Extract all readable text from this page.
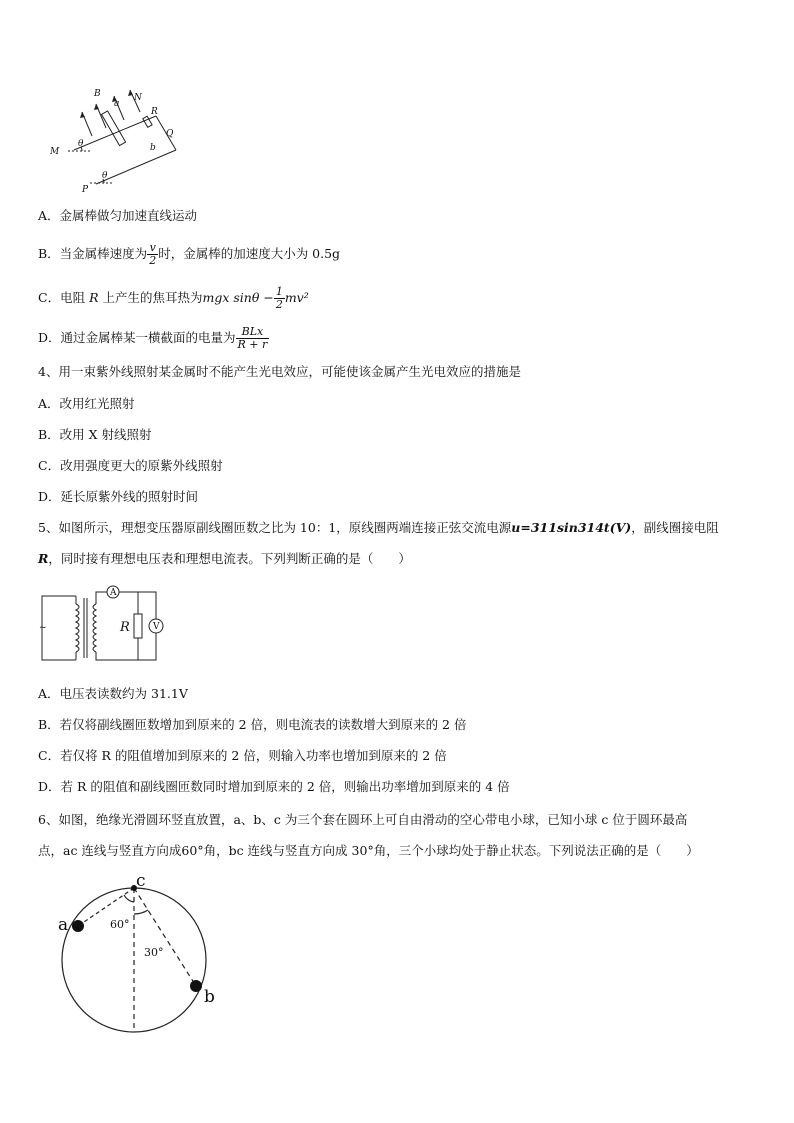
B
a
N
R
Q
M
θ	b
P
θ
A．金属棒做匀加速直线运动
B．当金属棒速度为 $\frac{v}{2}$ 时，金属棒的加速度大小为 0.5g
C．电阻 R 上产生的焦耳热为mgx $\sin\theta - \frac{1}{2} mv^2$
D．通过金属棒某一横截面的电量为 $\frac{\text{BLx}}{R + r}$
4、用一束紫外线照射某金属时不能产生光电效应，可能使该金属产生光电效应的措施是
A．改用红光照射
B．改用 X 射线照射
C．改用强度更大的原紫外线照射
D．延长原紫外线的照射时间
5、如图所示，理想变压器原副线圈匝数之比为 10：1，原线圈两端连接正弦交流电源u=311sin314t(V)，副线圈接电阻
R，同时接有理想电压表和理想电流表。下列判断正确的是（　　）
~
A
V
R
A．电压表读数约为 31.1V
B．若仅将副线圈匝数增加到原来的 2 倍，则电流表的读数增大到原来的 2 倍
C．若仅将 R 的阻值增加到原来的 2 倍，则输入功率也增加到原来的 2 倍
D．若 R 的阻值和副线圈匝数同时增加到原来的 2 倍，则输出功率增加到原来的 4 倍
6、如图，绝缘光滑圆环竖直放置，a、b、c 为三个套在圆环上可自由滑动的空心带电小球，已知小球 c 位于圆环最高
点，ac 连线与竖直方向成60°角，bc 连线与竖直方向成 30°角，三个小球均处于静止状态。下列说法正确的是（　　）
c
a
b
60°
30°
